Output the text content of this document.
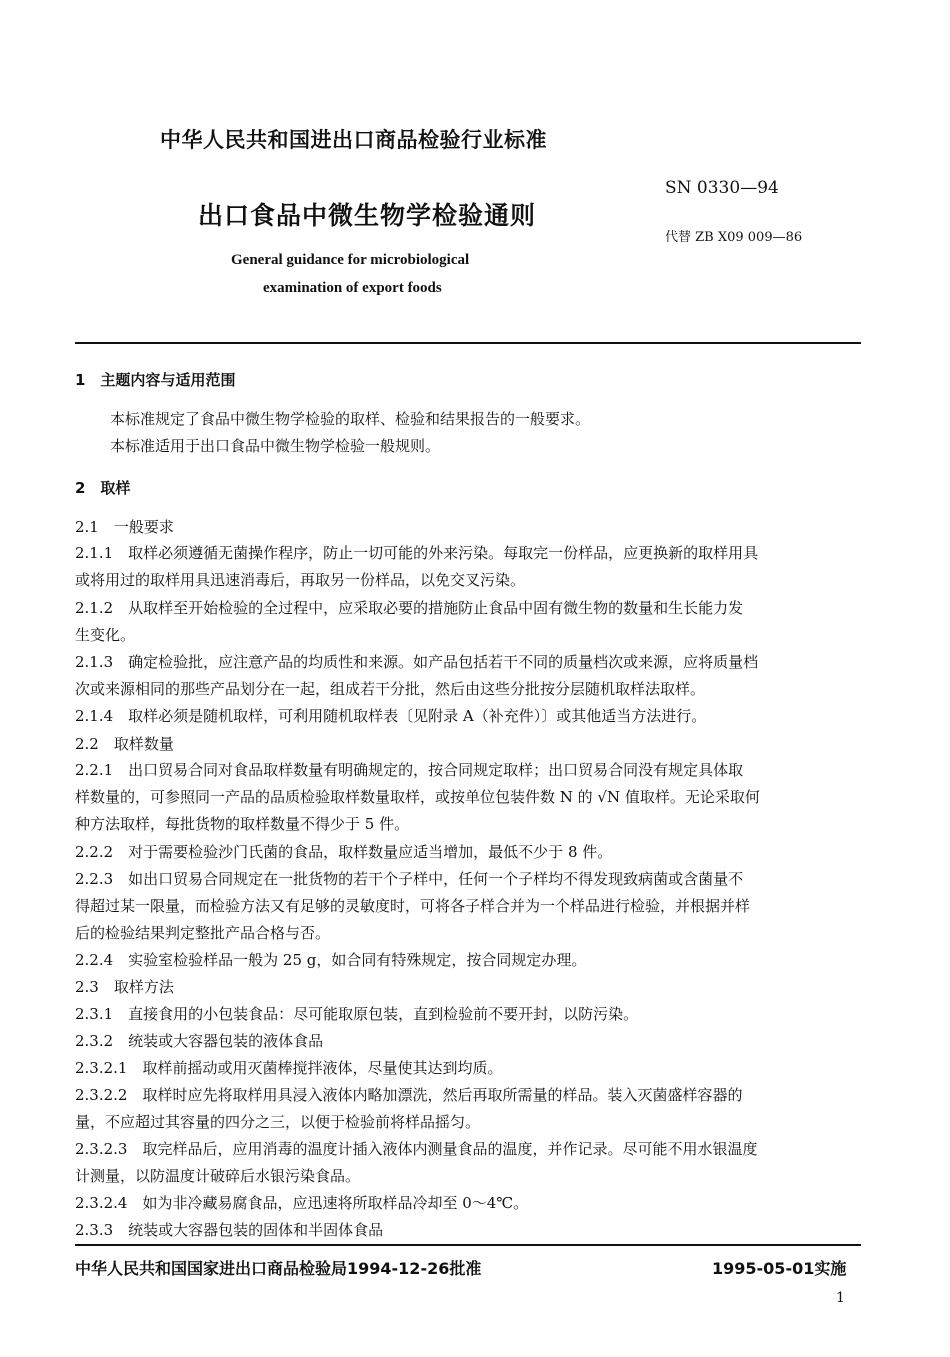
中华人民共和国进出口商品检验行业标准
SN 0330—94
出口食品中微生物学检验通则
代替 ZB X09 009—86
General guidance for microbiological
examination of export foods
1　主题内容与适用范围
本标准规定了食品中微生物学检验的取样、检验和结果报告的一般要求。
本标准适用于出口食品中微生物学检验一般规则。
2　取样
2.1　一般要求
2.1.1　取样必须遵循无菌操作程序，防止一切可能的外来污染。每取完一份样品，应更换新的取样用具
或将用过的取样用具迅速消毒后，再取另一份样品，以免交叉污染。
2.1.2　从取样至开始检验的全过程中，应采取必要的措施防止食品中固有微生物的数量和生长能力发
生变化。
2.1.3　确定检验批，应注意产品的均质性和来源。如产品包括若干不同的质量档次或来源，应将质量档
次或来源相同的那些产品划分在一起，组成若干分批，然后由这些分批按分层随机取样法取样。
2.1.4　取样必须是随机取样，可利用随机取样表〔见附录 A（补充件）〕或其他适当方法进行。
2.2　取样数量
2.2.1　出口贸易合同对食品取样数量有明确规定的，按合同规定取样；出口贸易合同没有规定具体取
样数量的，可参照同一产品的品质检验取样数量取样，或按单位包装件数 N 的 √N 值取样。无论采取何
种方法取样，每批货物的取样数量不得少于 5 件。
2.2.2　对于需要检验沙门氏菌的食品，取样数量应适当增加，最低不少于 8 件。
2.2.3　如出口贸易合同规定在一批货物的若干个子样中，任何一个子样均不得发现致病菌或含菌量不
得超过某一限量，而检验方法又有足够的灵敏度时，可将各子样合并为一个样品进行检验，并根据并样
后的检验结果判定整批产品合格与否。
2.2.4　实验室检验样品一般为 25 g，如合同有特殊规定，按合同规定办理。
2.3　取样方法
2.3.1　直接食用的小包装食品：尽可能取原包装，直到检验前不要开封，以防污染。
2.3.2　统装或大容器包装的液体食品
2.3.2.1　取样前摇动或用灭菌棒搅拌液体，尽量使其达到均质。
2.3.2.2　取样时应先将取样用具浸入液体内略加漂洗，然后再取所需量的样品。装入灭菌盛样容器的
量，不应超过其容量的四分之三，以便于检验前将样品摇匀。
2.3.2.3　取完样品后，应用消毒的温度计插入液体内测量食品的温度，并作记录。尽可能不用水银温度
计测量，以防温度计破碎后水银污染食品。
2.3.2.4　如为非冷藏易腐食品，应迅速将所取样品冷却至 0～4℃。
2.3.3　统装或大容器包装的固体和半固体食品
中华人民共和国国家进出口商品检验局1994-12-26批准	1995-05-01实施
1
